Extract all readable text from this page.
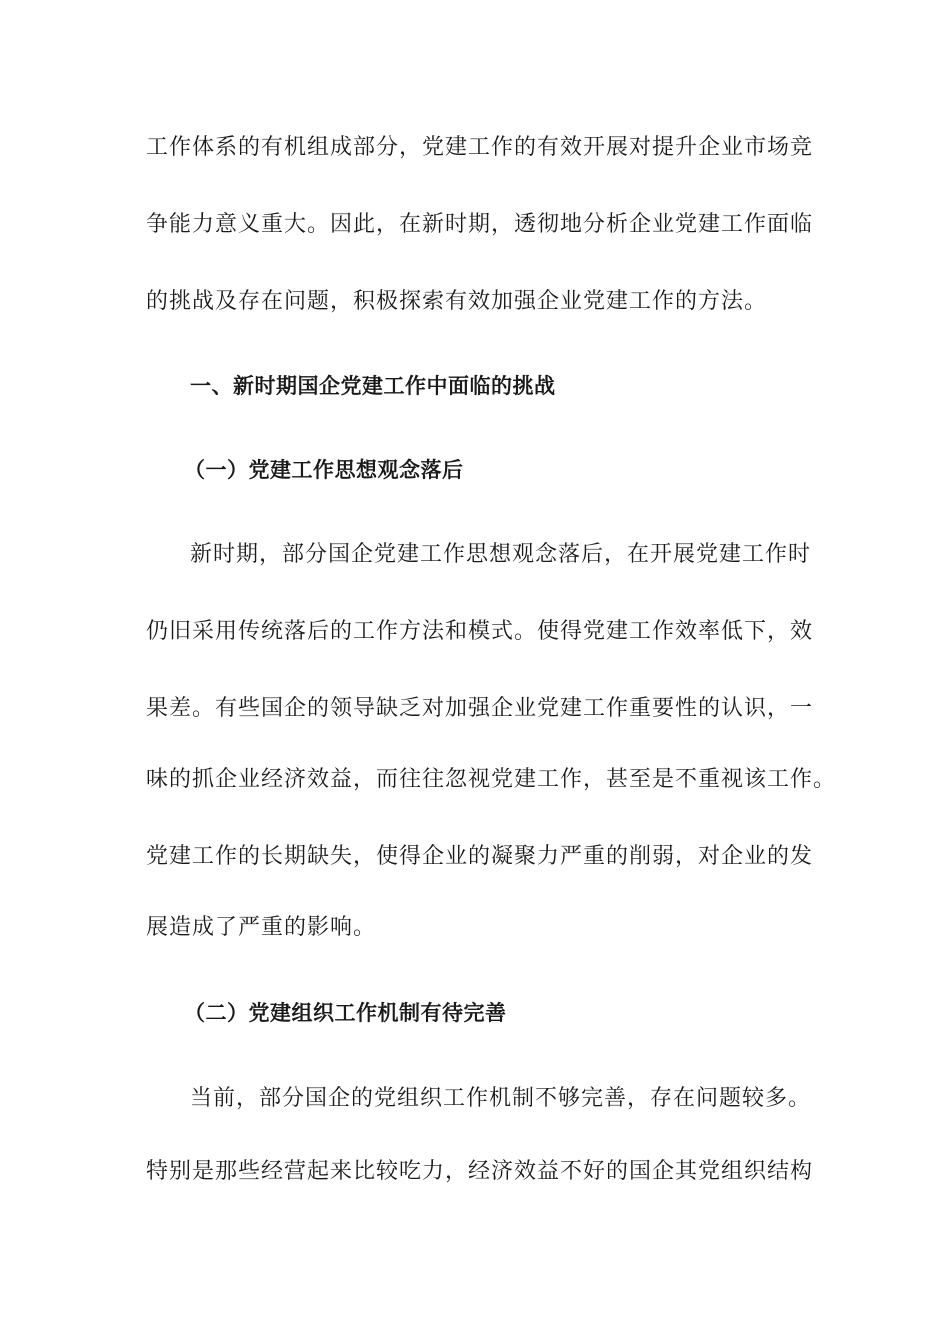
工作体系的有机组成部分，党建工作的有效开展对提升企业市场竞
争能力意义重大。因此，在新时期，透彻地分析企业党建工作面临
的挑战及存在问题，积极探索有效加强企业党建工作的方法。
一、新时期国企党建工作中面临的挑战
（一）党建工作思想观念落后
新时期，部分国企党建工作思想观念落后，在开展党建工作时
仍旧采用传统落后的工作方法和模式。使得党建工作效率低下，效
果差。有些国企的领导缺乏对加强企业党建工作重要性的认识，一
味的抓企业经济效益，而往往忽视党建工作，甚至是不重视该工作。
党建工作的长期缺失，使得企业的凝聚力严重的削弱，对企业的发
展造成了严重的影响。
（二）党建组织工作机制有待完善
当前，部分国企的党组织工作机制不够完善，存在问题较多。
特别是那些经营起来比较吃力，经济效益不好的国企其党组织结构
